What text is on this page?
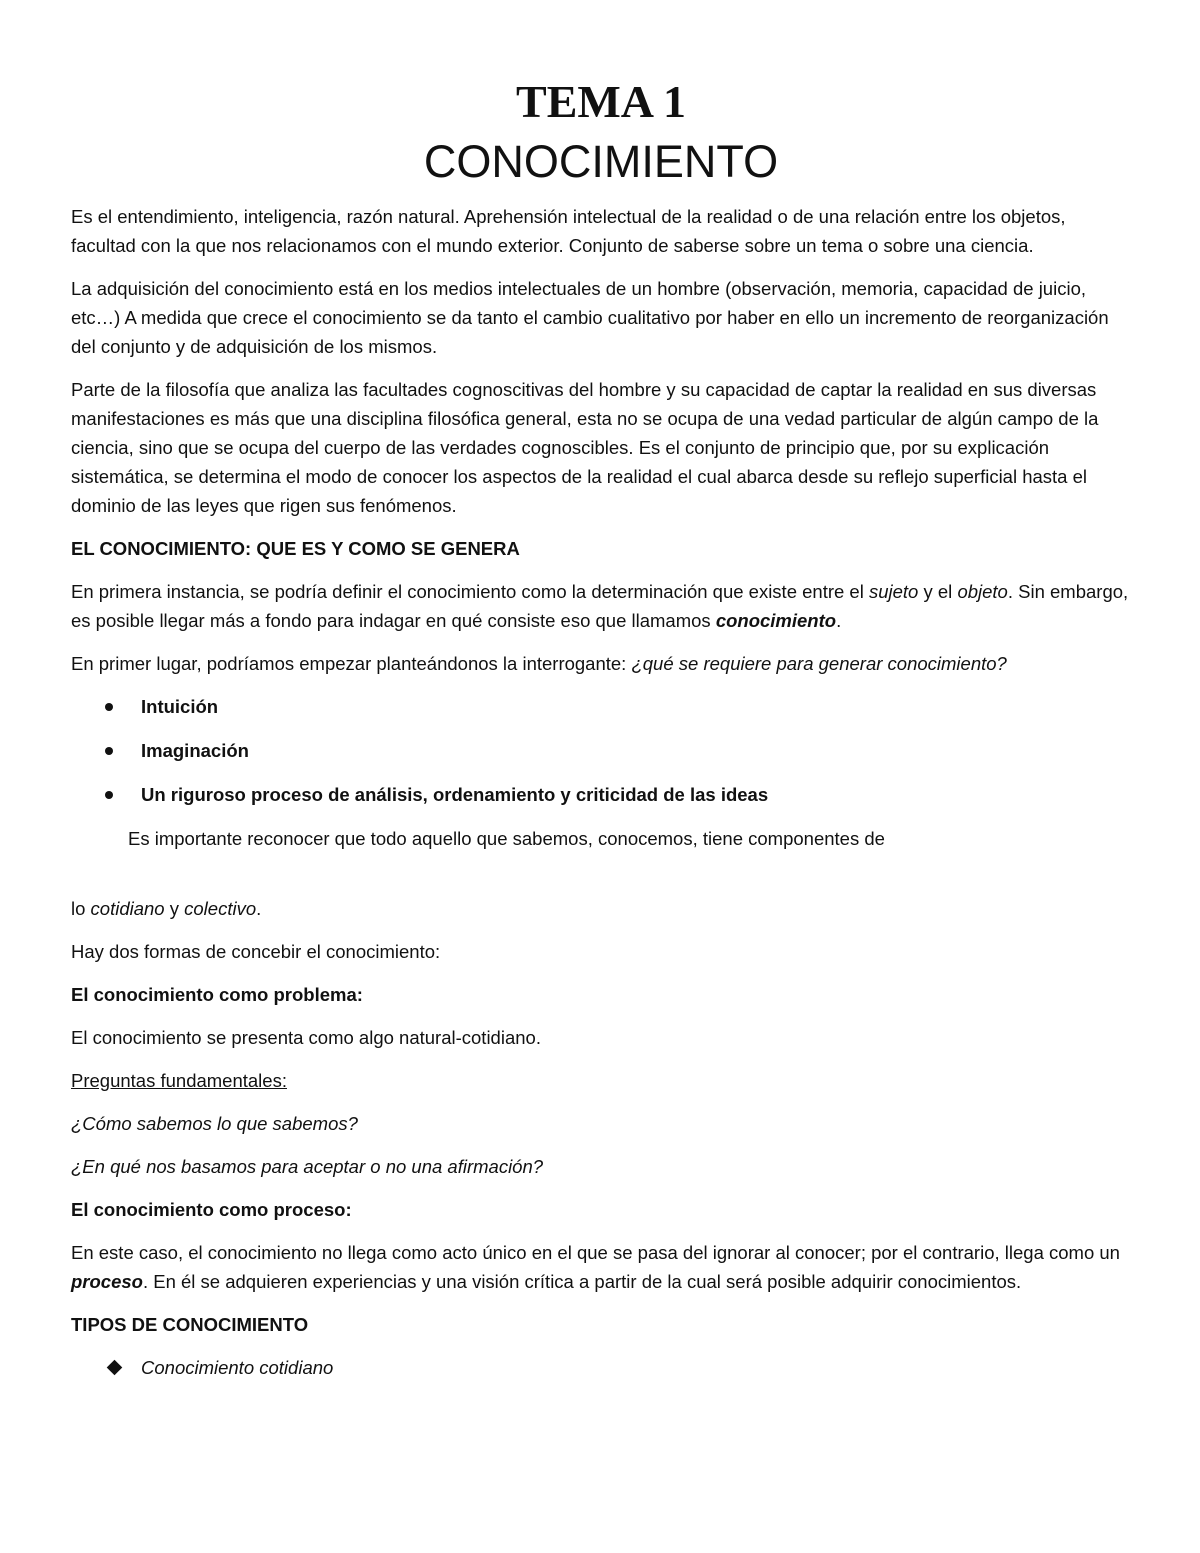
TEMA 1
CONOCIMIENTO

Es el entendimiento, inteligencia, razón natural. Aprehensión intelectual de la realidad o de una relación entre los objetos, facultad con la que nos relacionamos con el mundo exterior. Conjunto de saberse sobre un tema o sobre una ciencia.

La adquisición del conocimiento está en los medios intelectuales de un hombre (observación, memoria, capacidad de juicio, etc…) A medida que crece el conocimiento se da tanto el cambio cualitativo por haber en ello un incremento de reorganización del conjunto y de adquisición de los mismos.

Parte de la filosofía que analiza las facultades cognoscitivas del hombre y su capacidad de captar la realidad en sus diversas manifestaciones es más que una disciplina filosófica general, esta no se ocupa de una vedad particular de algún campo de la ciencia, sino que se ocupa del cuerpo de las verdades cognoscibles. Es el conjunto de principio que, por su explicación sistemática, se determina el modo de conocer los aspectos de la realidad el cual abarca desde su reflejo superficial hasta el dominio de las leyes que rigen sus fenómenos.

EL CONOCIMIENTO: QUE ES Y COMO SE GENERA

En primera instancia, se podría definir el conocimiento como la determinación que existe entre el sujeto y el objeto. Sin embargo, es posible llegar más a fondo para indagar en qué consiste eso que llamamos conocimiento.

En primer lugar, podríamos empezar planteándonos la interrogante: ¿qué se requiere para generar conocimiento?

Intuición
Imaginación
Un riguroso proceso de análisis, ordenamiento y criticidad de las ideas

Es importante reconocer que todo aquello que sabemos, conocemos, tiene componentes de

lo cotidiano y colectivo.

Hay dos formas de concebir el conocimiento:

El conocimiento como problema:

El conocimiento se presenta como algo natural-cotidiano.

Preguntas fundamentales:

¿Cómo sabemos lo que sabemos?

¿En qué nos basamos para aceptar o no una afirmación?

El conocimiento como proceso:

En este caso, el conocimiento no llega como acto único en el que se pasa del ignorar al conocer; por el contrario, llega como un proceso. En él se adquieren experiencias y una visión crítica a partir de la cual será posible adquirir conocimientos.

TIPOS DE CONOCIMIENTO

Conocimiento cotidiano
